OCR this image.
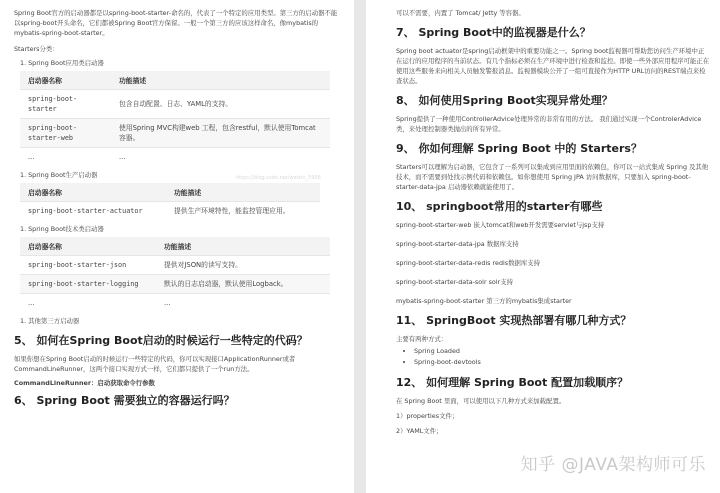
Spring Boot官方的启动器都是以spring-boot-starter-命名的，代表了一个特定的应用类型。第三方的启动器不能以spring-boot开头命名，它们都被Spring Boot官方保留。一般一个第三方的应该这样命名，像mybatis的mybatis-spring-boot-starter。

Starters分类：

1. Spring Boot应用类启动器
启动器名称	功能描述
spring-boot-starter	包含自动配置、日志、YAML的支持。
spring-boot-starter-web	使用Spring MVC构建web 工程，包含restful，默认使用Tomcat容器。
...	...
https://blog.csdn.net/weixin_5908
1. Spring Boot生产启动器
启动器名称	功能描述
spring-boot-starter-actuator	提供生产环境特性，能监控管理应用。
1. Spring Boot技术类启动器
启动器名称	功能描述
spring-boot-starter-json	提供对JSON的读写支持。
spring-boot-starter-logging	默认的日志启动器，默认使用Logback。
...	...
1. 其他第三方启动器
5、 如何在Spring Boot启动的时候运行一些特定的代码？

如果你想在Spring Boot启动的时候运行一些特定的代码，你可以实现接口ApplicationRunner或者CommandLineRunner，这两个接口实现方式一样，它们都只提供了一个run方法。

CommandLineRunner：启动获取命令行参数

6、 Spring Boot 需要独立的容器运行吗？

可以不需要，内置了 Tomcat/ Jetty 等容器。

7、 Spring Boot中的监视器是什么？

Spring boot actuator是spring启动框架中的重要功能之一。Spring boot监视器可帮助您访问生产环境中正在运行的应用程序的当前状态。有几个指标必须在生产环境中进行检查和监控。即使一些外部应用程序可能正在使用这些服务来向相关人员触发警报消息。监视器模块公开了一组可直接作为HTTP URL访问的REST端点来检查状态。

8、 如何使用Spring Boot实现异常处理？

Spring提供了一种使用ControllerAdvice处理异常的非常有用的方法。 我们通过实现一个ControlerAdvice类，来处理控制器类抛出的所有异常。

9、 你如何理解 Spring Boot 中的 Starters？

Starters可以理解为启动器，它包含了一系列可以集成到应用里面的依赖包，你可以一站式集成 Spring 及其他技术，而不需要到处找示例代码和依赖包。如你想使用 Spring JPA 访问数据库，只要加入 spring-boot-starter-data-jpa 启动器依赖就能使用了。

10、 springboot常用的starter有哪些
spring-boot-starter-web 嵌入tomcat和web开发需要servlet与jsp支持
spring-boot-starter-data-jpa 数据库支持
spring-boot-starter-data-redis redis数据库支持
spring-boot-starter-data-solr solr支持
mybatis-spring-boot-starter 第三方的mybatis集成starter
11、 SpringBoot 实现热部署有哪几种方式？

主要有两种方式：

• Spring Loaded
• Spring-boot-devtools
12、 如何理解 Spring Boot 配置加载顺序？

在 Spring Boot 里面，可以使用以下几种方式来加载配置。

1）properties文件；

2）YAML文件；

知乎 @JAVA架构师可乐
